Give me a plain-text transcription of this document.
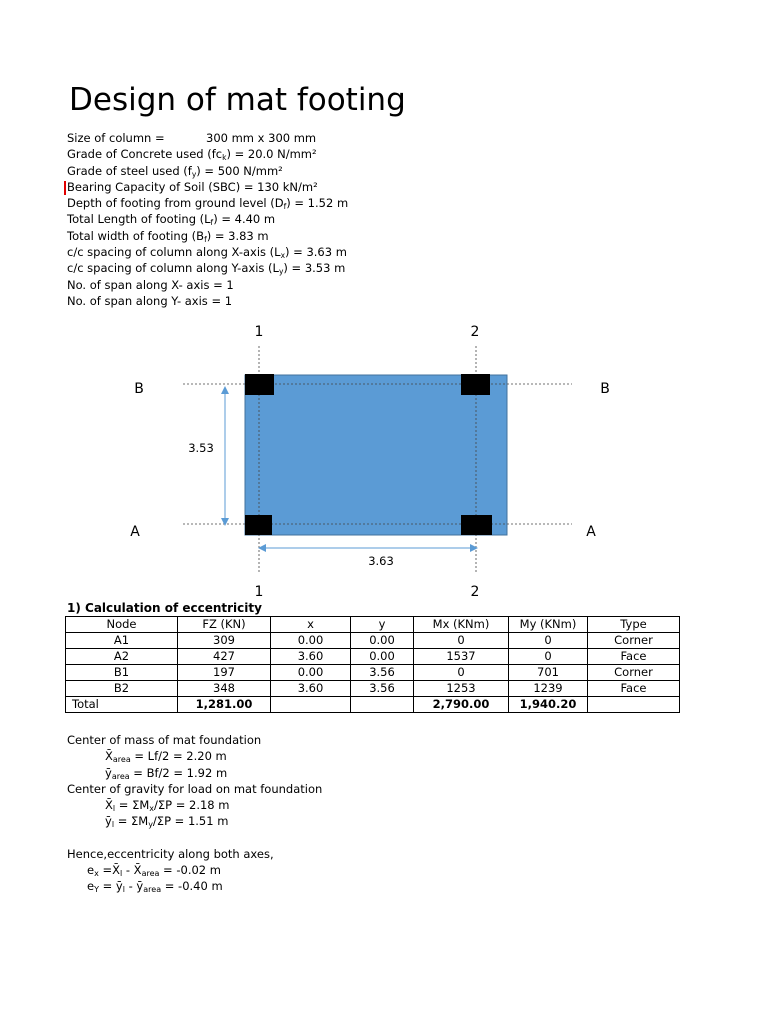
Design of mat footing
Size of column =	300 mm x 300 mm
Grade of Concrete used $(fc_k) = 20.0$ N/mm²
Grade of steel used $(f_y) = 500$ N/mm²
Bearing Capacity of Soil (SBC) = 130 kN/m²
Depth of footing from ground level $(D_f) = 1.52$ m
Total Length of footing $(L_f) = 4.40$ m
Total width of footing $(B_f) = 3.83$ m
c/c spacing of column along X-axis $(L_x) = 3.63$ m
c/c spacing of column along Y-axis $(L_y) = 3.53$ m
No. of span along X- axis = 1
No. of span along Y- axis = 1
1	2
1	2
B	B
A	A
3.53
3.63
1) Calculation of eccentricity
Node	FZ (KN)	x	y	Mx (KNm)	My (KNm)	Type
A1	309	0.00	0.00	0	0	Corner
A2	427	3.60	0.00	1537	0	Face
B1	197	0.00	3.56	0	701	Corner
B2	348	3.60	3.56	1253	1239	Face
Total	1,281.00			2,790.00	1,940.20	
Center of mass of mat foundation
$X̄_{area} = Lf/2 = 2.20$ m
$ȳ_{area} = Bf/2 = 1.92$ m
Center of gravity for load on mat foundation
$X̄_l = \Sigma M_x/\Sigma P = 2.18$ m
$ȳ_l = \Sigma M_y/\Sigma P = 1.51$ m
Hence,eccentricity along both axes,
$e_x$ $=X̄_l$ - $X̄_{area} = -0.02$ m
$e_Y$ = $ȳ_l$ - $ȳ_{area} = -0.40$ m
